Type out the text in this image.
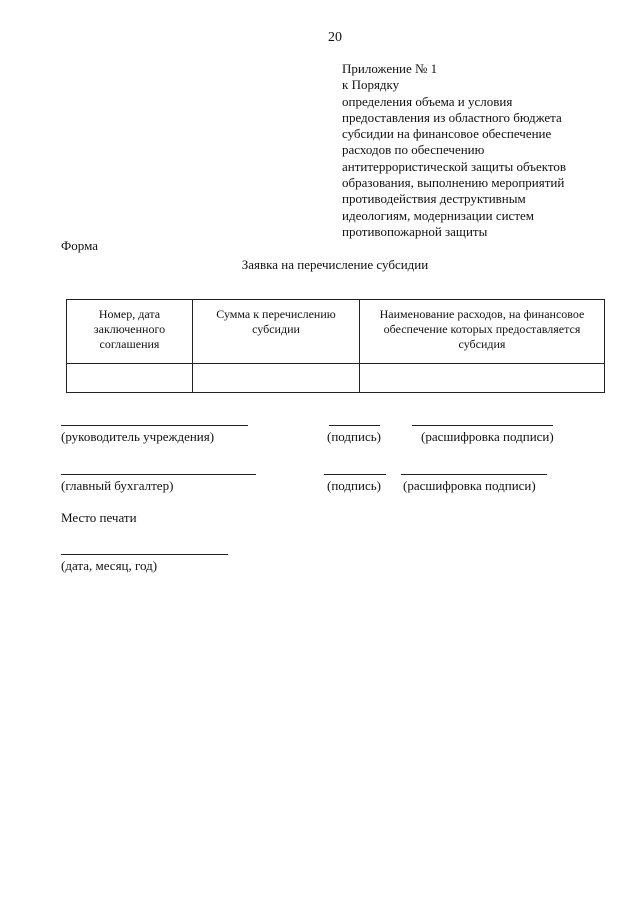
20
Приложение № 1
к Порядку
определения объема и условия
предоставления из областного бюджета
субсидии на финансовое обеспечение
расходов по обеспечению
антитеррористической защиты объектов
образования, выполнению мероприятий
противодействия деструктивным
идеологиям, модернизации систем
противопожарной защиты
Форма
Заявка на перечисление субсидии
Номер, дата заключенного соглашения	Сумма к перечислению субсидии	Наименование расходов, на финансовое обеспечение которых предоставляется субсидия

(руководитель учреждения)	(подпись)	(расшифровка подписи)
(главный бухгалтер)	(подпись) (расшифровка подписи)
Место печати
(дата, месяц, год)
